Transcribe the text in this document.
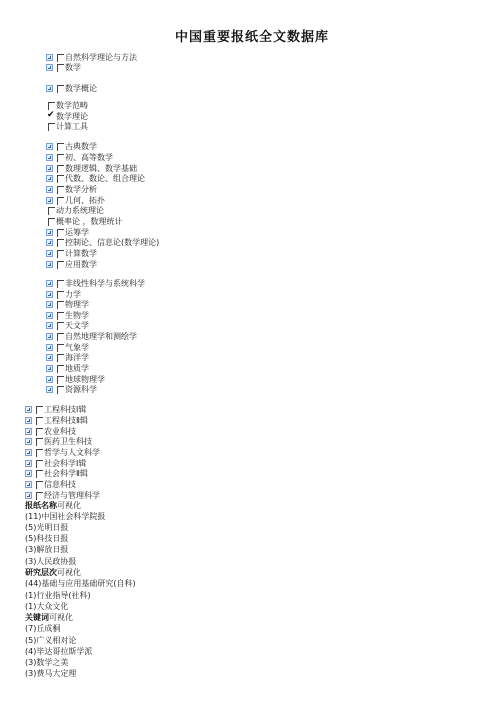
中国重要报纸全文数据库
自然科学理论与方法
数学
数学概论
数学范畴
✔
数学理论
计算工具
古典数学
初、高等数学
数理逻辑、数学基础
代数、数论、组合理论
数学分析
几何、拓扑
动力系统理论
概率论 ，数理统计
运筹学
控制论、信息论(数学理论)
计算数学
应用数学
非线性科学与系统科学
力学
物理学
生物学
天文学
自然地理学和测绘学
气象学
海洋学
地质学
地球物理学
资源科学
工程科技Ⅰ辑
工程科技Ⅱ辑
农业科技
医药卫生科技
哲学与人文科学
社会科学Ⅰ辑
社会科学Ⅱ辑
信息科技
经济与管理科学
报纸名称可视化
(11)中国社会科学院报
(5)光明日报
(5)科技日报
(3)解放日报
(3)人民政协报
研究层次可视化
(44)基础与应用基础研究(自科)
(1)行业指导(社科)
(1)大众文化
关键词可视化
(7)丘成桐
(5)广义相对论
(4)毕达哥拉斯学派
(3)数学之美
(3)费马大定理
